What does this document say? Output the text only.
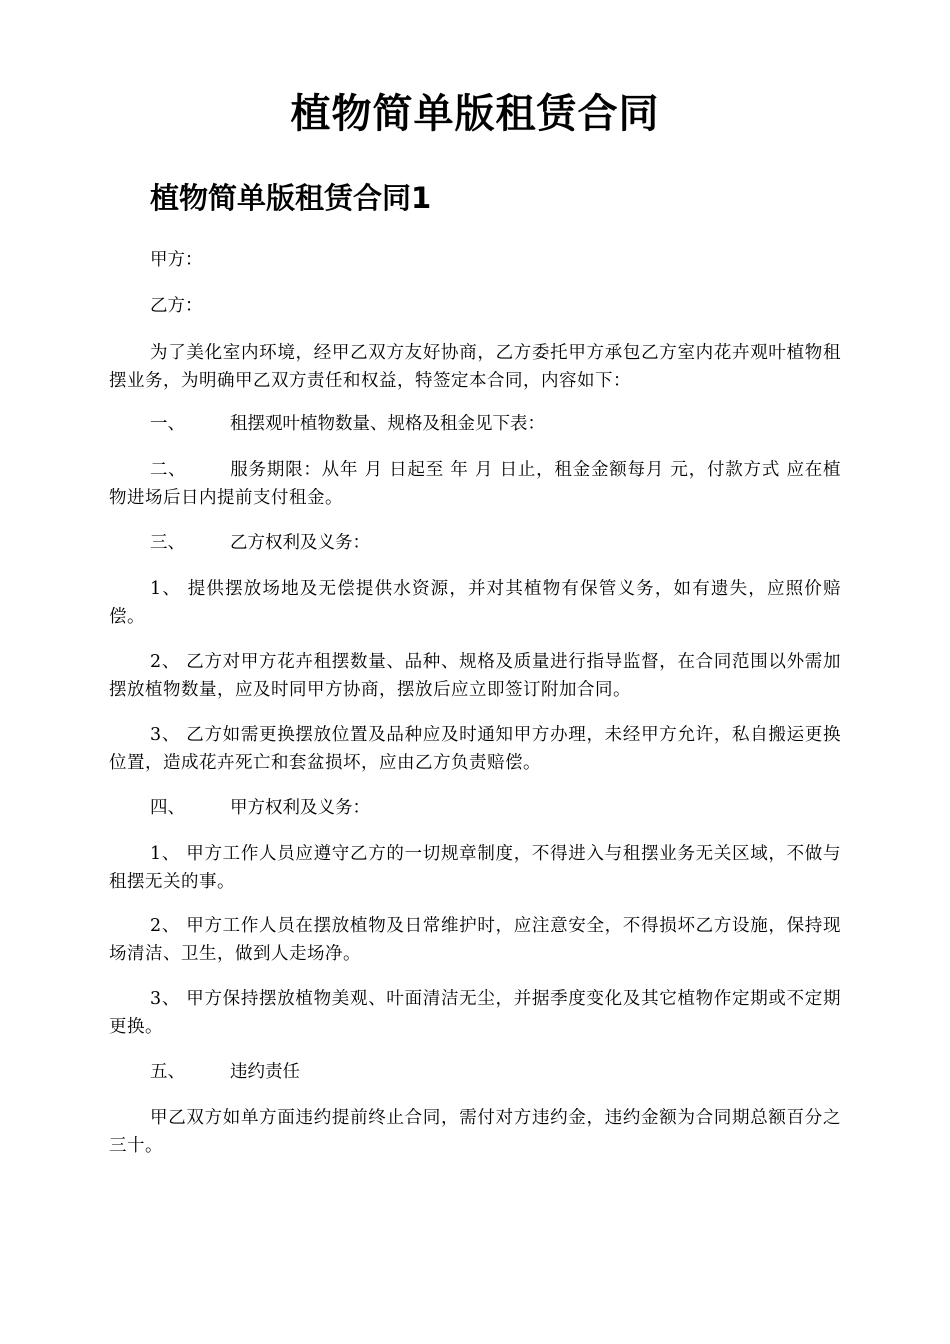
植物简单版租赁合同
植物简单版租赁合同1
甲方：
乙方：
为了美化室内环境，经甲乙双方友好协商，乙方委托甲方承包乙方室内花卉观叶植物租摆业务，为明确甲乙双方责任和权益，特签定本合同，内容如下：
一、	租摆观叶植物数量、规格及租金见下表：
二、	服务期限：从年 月 日起至 年 月 日止，租金金额每月 元，付款方式 应在植物进场后日内提前支付租金。
三、	乙方权利及义务：
1、 提供摆放场地及无偿提供水资源，并对其植物有保管义务，如有遗失，应照价赔偿。
2、 乙方对甲方花卉租摆数量、品种、规格及质量进行指导监督，在合同范围以外需加摆放植物数量，应及时同甲方协商，摆放后应立即签订附加合同。
3、 乙方如需更换摆放位置及品种应及时通知甲方办理，未经甲方允许，私自搬运更换位置，造成花卉死亡和套盆损坏，应由乙方负责赔偿。
四、	甲方权利及义务：
1、 甲方工作人员应遵守乙方的一切规章制度，不得进入与租摆业务无关区域，不做与租摆无关的事。
2、 甲方工作人员在摆放植物及日常维护时，应注意安全，不得损坏乙方设施，保持现场清洁、卫生，做到人走场净。
3、 甲方保持摆放植物美观、叶面清洁无尘，并据季度变化及其它植物作定期或不定期更换。
五、	违约责任
甲乙双方如单方面违约提前终止合同，需付对方违约金，违约金额为合同期总额百分之三十。
